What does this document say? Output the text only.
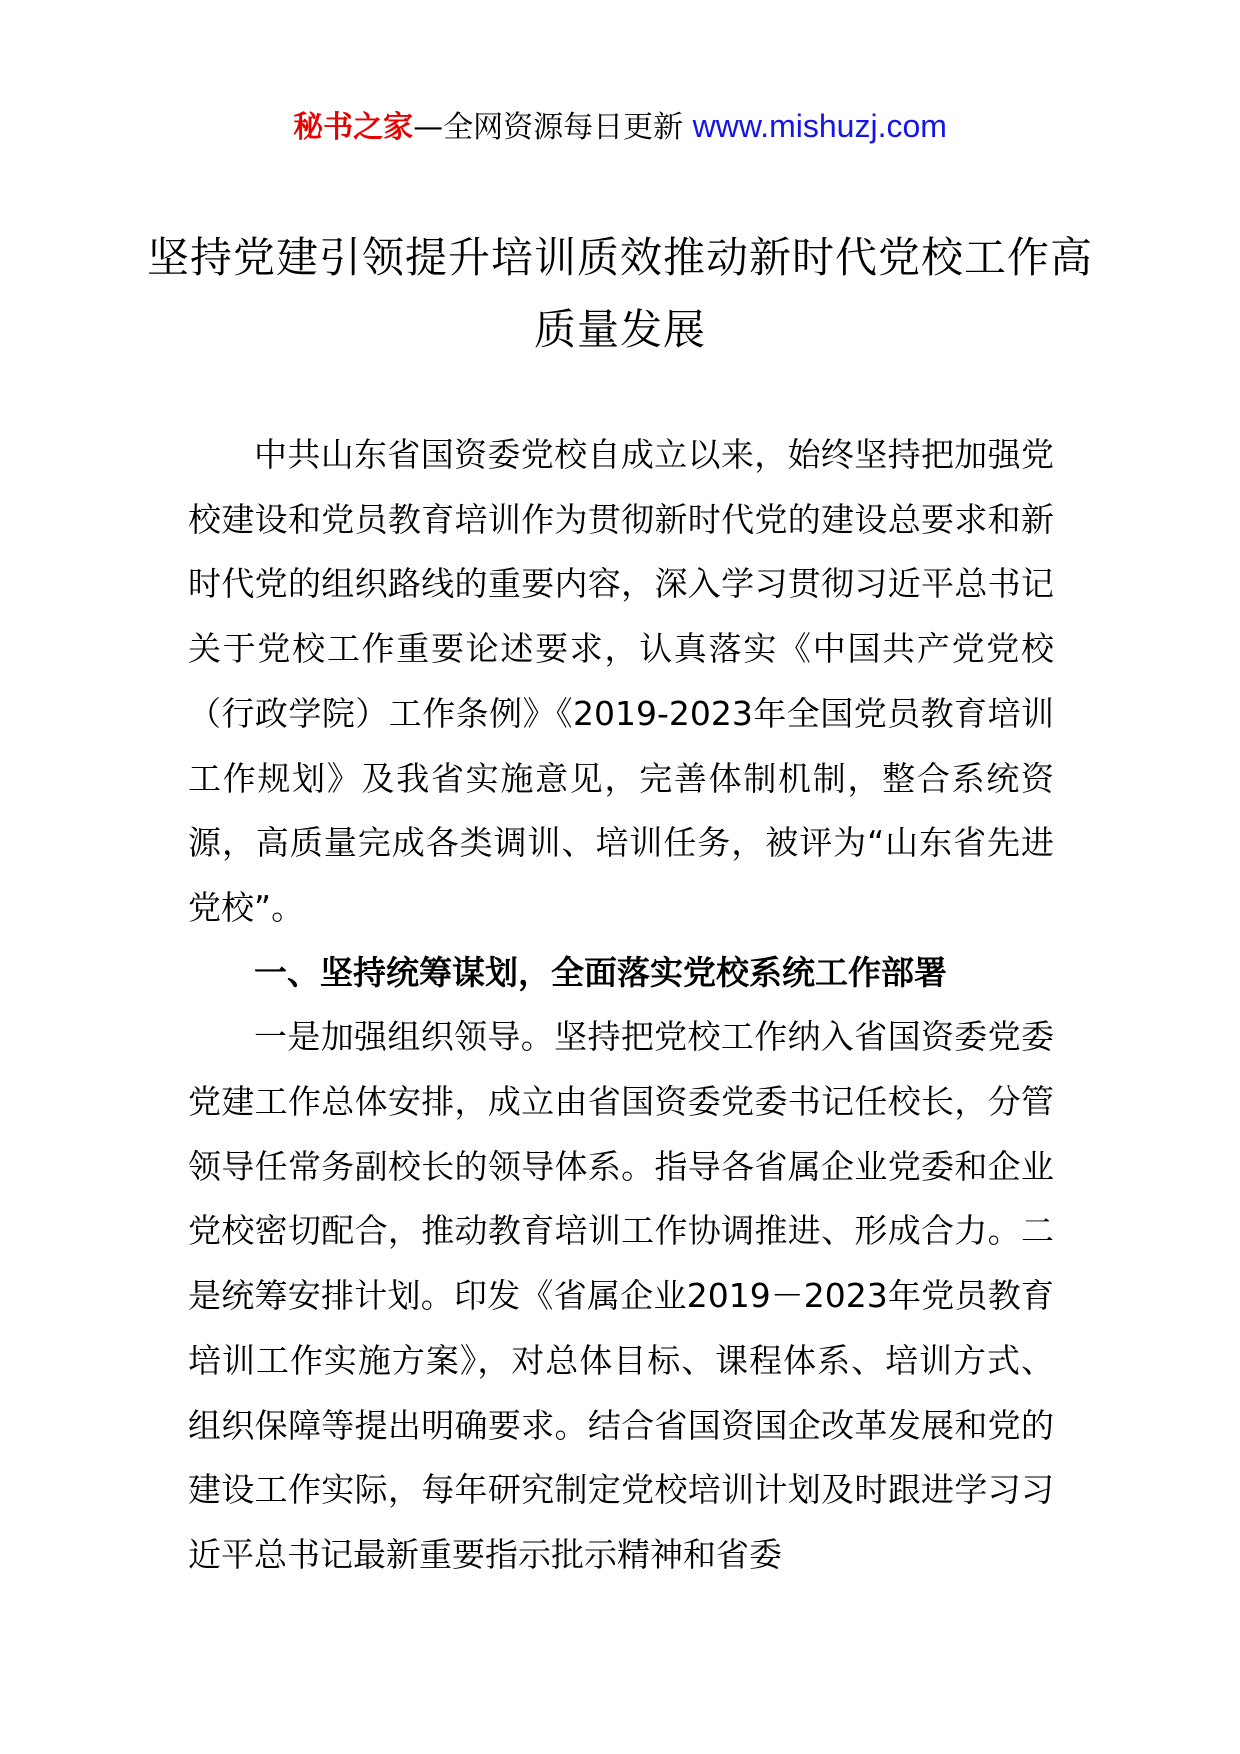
秘书之家—全网资源每日更新 www.mishuzj.com
坚持党建引领提升培训质效推动新时代党校工作高质量发展

中共山东省国资委党校自成立以来，始终坚持把加强党校建设和党员教育培训作为贯彻新时代党的建设总要求和新时代党的组织路线的重要内容，深入学习贯彻习近平总书记关于党校工作重要论述要求，认真落实《中国共产党党校（行政学院）工作条例》《2019-2023年全国党员教育培训工作规划》及我省实施意见，完善体制机制，整合系统资源，高质量完成各类调训、培训任务，被评为“山东省先进党校”。

一、坚持统筹谋划，全面落实党校系统工作部署

一是加强组织领导。坚持把党校工作纳入省国资委党委党建工作总体安排，成立由省国资委党委书记任校长，分管领导任常务副校长的领导体系。指导各省属企业党委和企业党校密切配合，推动教育培训工作协调推进、形成合力。二是统筹安排计划。印发《省属企业2019－2023年党员教育培训工作实施方案》，对总体目标、课程体系、培训方式、组织保障等提出明确要求。结合省国资国企改革发展和党的建设工作实际，每年研究制定党校培训计划及时跟进学习习近平总书记最新重要指示批示精神和省委
